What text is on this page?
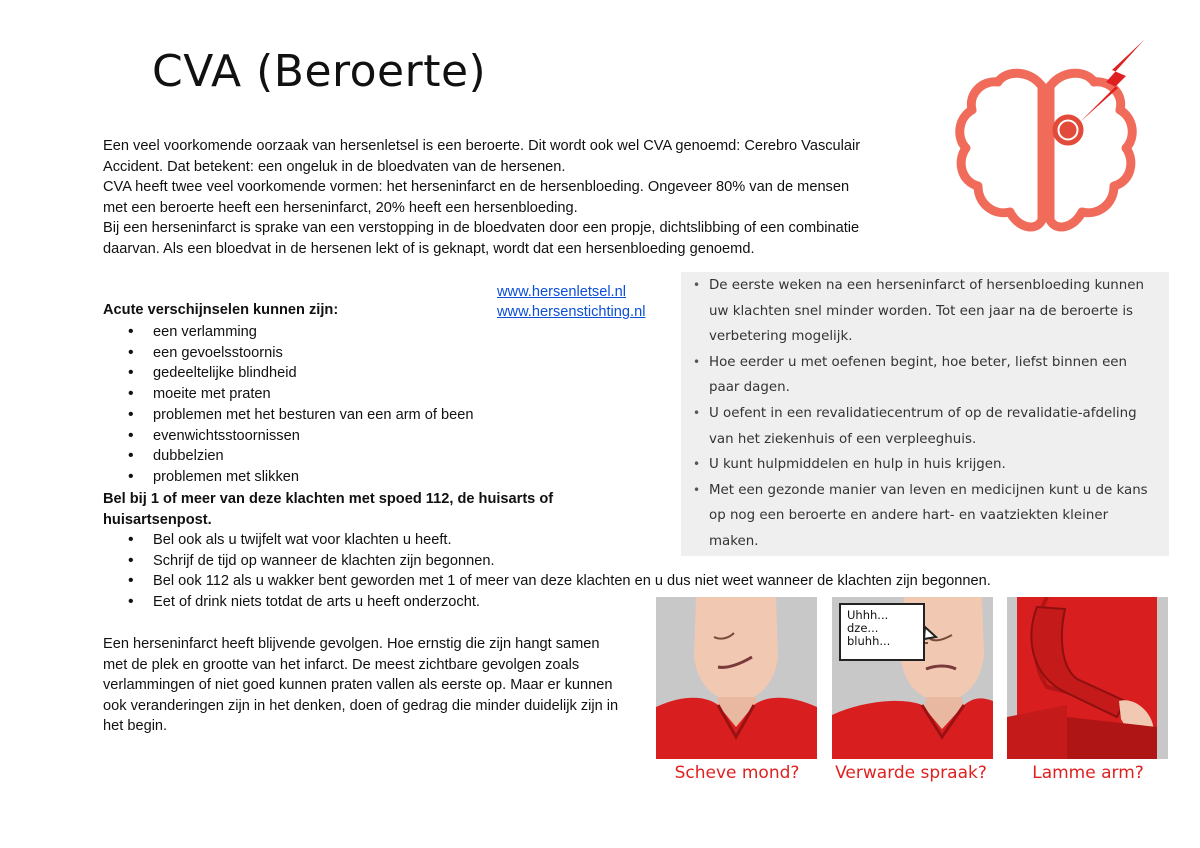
CVA (Beroerte)

Een veel voorkomende oorzaak van hersenletsel is een beroerte. Dit wordt ook wel CVA genoemd: Cerebro Vasculair Accident. Dat betekent: een ongeluk in de bloedvaten van de hersenen.

CVA heeft twee veel voorkomende vormen: het herseninfarct en de hersenbloeding. Ongeveer 80% van de mensen met een beroerte heeft een herseninfarct, 20% heeft een hersenbloeding.

Bij een herseninfarct is sprake van een verstopping in de bloedvaten door een propje, dichtslibbing of een combinatie daarvan. Als een bloedvat in de hersenen lekt of is geknapt, wordt dat een hersenbloeding genoemd.

www.hersenletsel.nl
www.hersenstichting.nl

Acute verschijnselen kunnen zijn:

• een verlamming
• een gevoelsstoornis
• gedeeltelijke blindheid
• moeite met praten
• problemen met het besturen van een arm of been
• evenwichtsstoornissen
• dubbelzien
• problemen met slikken

Bel bij 1 of meer van deze klachten met spoed 112, de huisarts of huisartsenpost.

• Bel ook als u twijfelt wat voor klachten u heeft.
• Schrijf de tijd op wanneer de klachten zijn begonnen.
• Bel ook 112 als u wakker bent geworden met 1 of meer van deze klachten en u dus niet weet wanneer de klachten zijn begonnen.
• Eet of drink niets totdat de arts u heeft onderzocht.

Een herseninfarct heeft blijvende gevolgen. Hoe ernstig die zijn hangt samen met de plek en grootte van het infarct. De meest zichtbare gevolgen zoals verlammingen of niet goed kunnen praten vallen als eerste op. Maar er kunnen ook veranderingen zijn in het denken, doen of gedrag die minder duidelijk zijn in het begin.

• De eerste weken na een herseninfarct of hersenbloeding kunnen uw klachten snel minder worden. Tot een jaar na de beroerte is verbetering mogelijk.
• Hoe eerder u met oefenen begint, hoe beter, liefst binnen een paar dagen.
• U oefent in een revalidatiecentrum of op de revalidatie-afdeling van het ziekenhuis of een verpleeghuis.
• U kunt hulpmiddelen en hulp in huis krijgen.
• Met een gezonde manier van leven en medicijnen kunt u de kans op nog een beroerte en andere hart- en vaatziekten kleiner maken.
Uhhh...
dze...
bluhh...
Scheve mond?	Verwarde spraak?	Lamme arm?
